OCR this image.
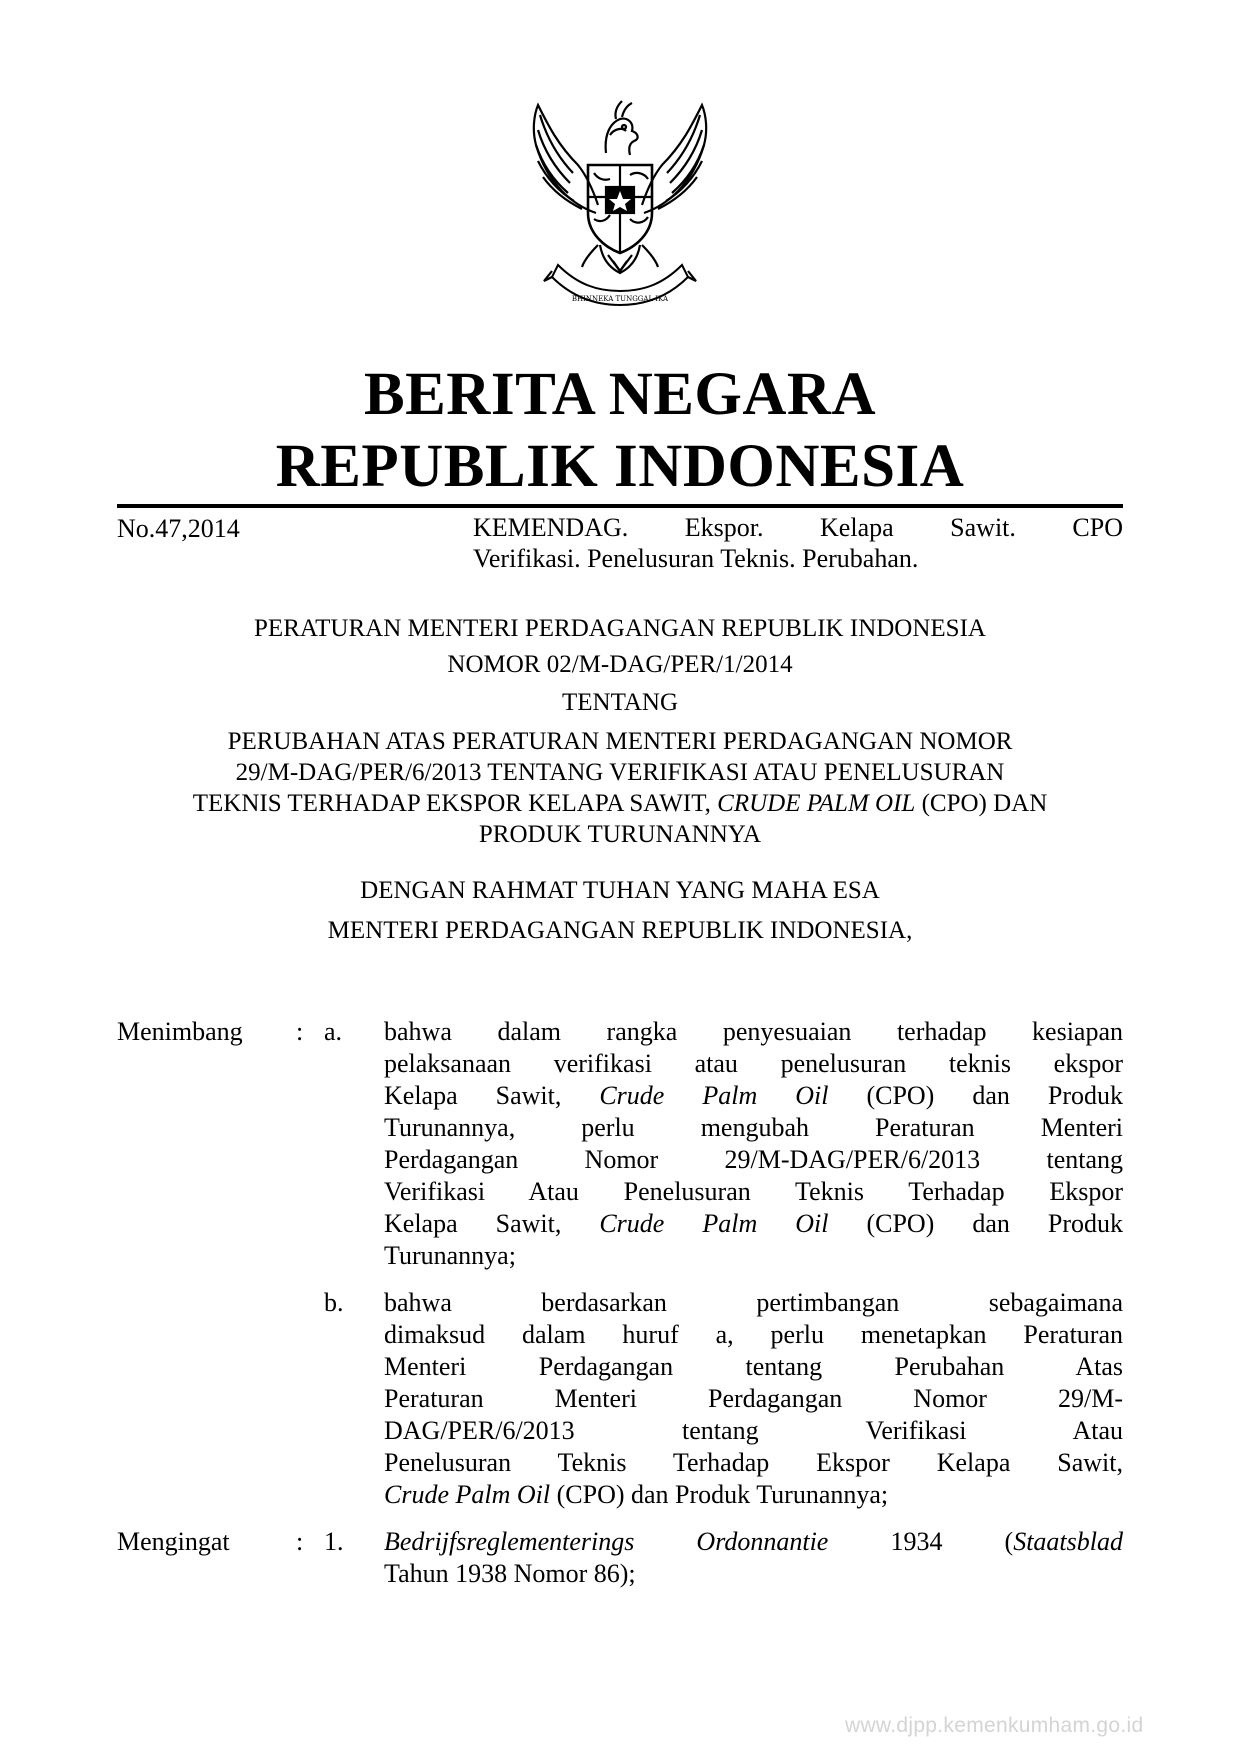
BHINNEKA TUNGGAL IKA
BERITA NEGARA
REPUBLIK INDONESIA
No.47,2014	KEMENDAG. Ekspor. Kelapa Sawit. CPO
Verifikasi. Penelusuran Teknis. Perubahan.
PERATURAN MENTERI PERDAGANGAN REPUBLIK INDONESIA
NOMOR 02/M-DAG/PER/1/2014
TENTANG
PERUBAHAN ATAS PERATURAN MENTERI PERDAGANGAN NOMOR
29/M-DAG/PER/6/2013 TENTANG VERIFIKASI ATAU PENELUSURAN
TEKNIS TERHADAP EKSPOR KELAPA SAWIT, CRUDE PALM OIL (CPO) DAN
PRODUK TURUNANNYA
DENGAN RAHMAT TUHAN YANG MAHA ESA
MENTERI PERDAGANGAN REPUBLIK INDONESIA,
Menimbang : a. bahwa dalam rangka penyesuaian terhadap kesiapan
pelaksanaan verifikasi atau penelusuran teknis ekspor
Kelapa Sawit, Crude Palm Oil (CPO) dan Produk
Turunannya, perlu mengubah Peraturan Menteri
Perdagangan Nomor 29/M-DAG/PER/6/2013 tentang
Verifikasi Atau Penelusuran Teknis Terhadap Ekspor
Kelapa Sawit, Crude Palm Oil (CPO) dan Produk
Turunannya;
b. bahwa berdasarkan pertimbangan sebagaimana
dimaksud dalam huruf a, perlu menetapkan Peraturan
Menteri Perdagangan tentang Perubahan Atas
Peraturan Menteri Perdagangan Nomor 29/M-
DAG/PER/6/2013 tentang Verifikasi Atau
Penelusuran Teknis Terhadap Ekspor Kelapa Sawit,
Crude Palm Oil (CPO) dan Produk Turunannya;
Mengingat	: 1. Bedrijfsreglementerings Ordonnantie 1934 (Staatsblad
Tahun 1938 Nomor 86);
www.djpp.kemenkumham.go.id
